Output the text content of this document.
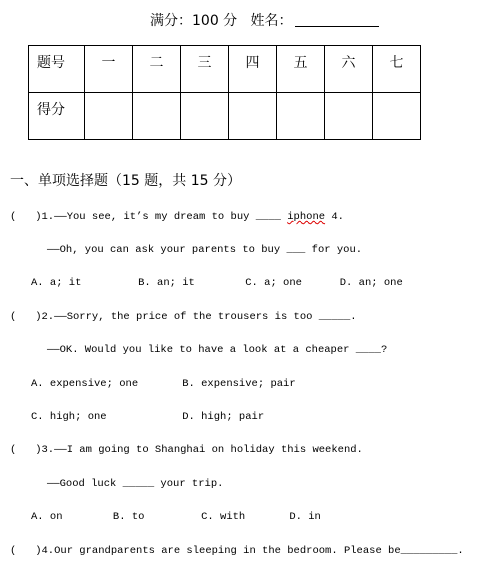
满分：100 分 姓名：
题号	一	二	三	四	五	六	七
得分							
一、单项选择题（15 题，共 15 分）
(   )1.——You see, it’s my dream to buy ____ iphone 4.
——Oh, you can ask your parents to buy ___ for you.
A. a; it         B. an; it        C. a; one      D. an; one
(   )2.——Sorry, the price of the trousers is too _____.
——OK. Would you like to have a look at a cheaper ____?
A. expensive; one       B. expensive; pair
C. high; one            D. high; pair
(   )3.——I am going to Shanghai on holiday this weekend.
——Good luck _____ your trip.
A. on        B. to         C. with       D. in
(   )4.Our grandparents are sleeping in the bedroom. Please be_________.
